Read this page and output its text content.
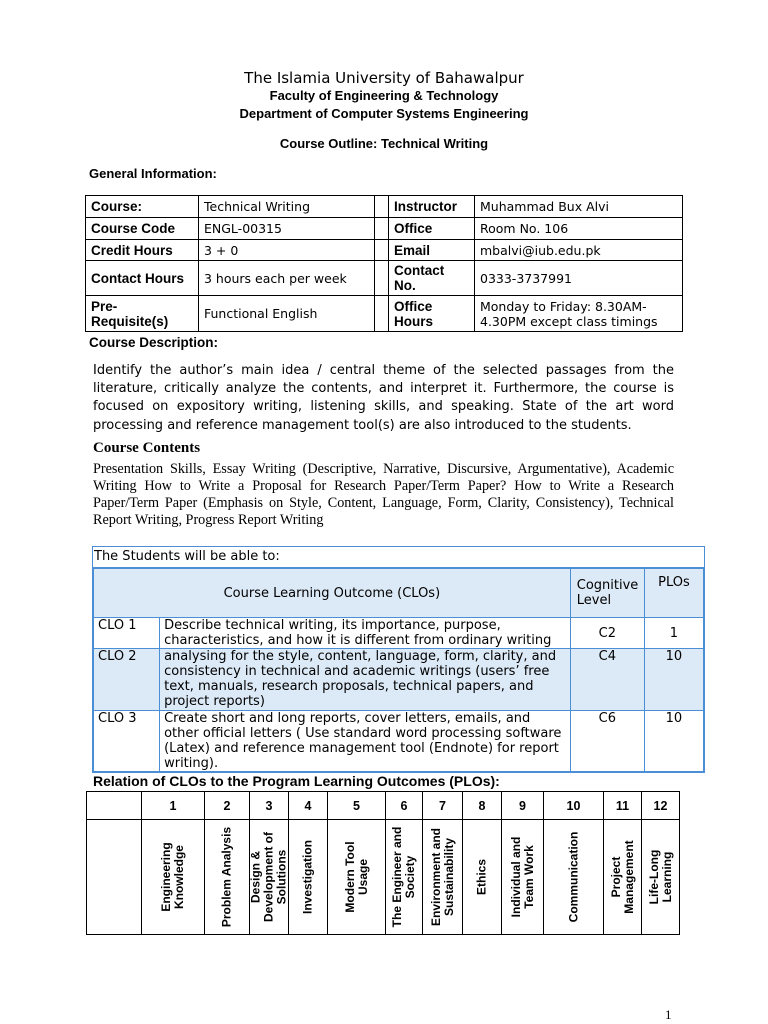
The Islamia University of Bahawalpur
Faculty of Engineering & Technology
Department of Computer Systems Engineering
Course Outline: Technical Writing
General Information:
Course:	Technical Writing		Instructor	Muhammad Bux Alvi
Course Code	ENGL-00315		Office	Room No. 106
Credit Hours	3 + 0		Email	mbalvi@iub.edu.pk
Contact Hours	3 hours each per week		Contact No.	0333-3737991
Pre-Requisite(s)	Functional English		Office Hours	Monday to Friday: 8.30AM-4.30PM except class timings
Course Description:
Identify the author’s main idea / central theme of the selected passages from the literature, critically analyze the contents, and interpret it. Furthermore, the course is focused on expository writing, listening skills, and speaking. State of the art word processing and reference management tool(s) are also introduced to the students.
Course Contents
Presentation Skills, Essay Writing (Descriptive, Narrative, Discursive, Argumentative), Academic Writing How to Write a Proposal for Research Paper/Term Paper? How to Write a Research Paper/Term Paper (Emphasis on Style, Content, Language, Form, Clarity, Consistency), Technical Report Writing, Progress Report Writing
The Students will be able to:
Course Learning Outcome (CLOs)		Cognitive Level	PLOs
CLO 1	Describe technical writing, its importance, purpose, characteristics, and how it is different from ordinary writing	C2	1
CLO 2	analysing for the style, content, language, form, clarity, and consistency in technical and academic writings (users’ free text, manuals, research proposals, technical papers, and project reports)	C4	10
CLO 3	Create short and long reports, cover letters, emails, and other official letters ( Use standard word processing software (Latex) and reference management tool (Endnote) for report writing).	C6	10
Relation of CLOs to the Program Learning Outcomes (PLOs):
	1	2	3	4	5	6	7	8	9	10	11	12

	Engineering Knowledge	Problem Analysis	Design & Development of Solutions	Investigation	Modern Tool Usage	The Engineer and Society	Environment and Sustainability	Ethics	Individual and Team Work	Communication	Project Management	Life-Long Learning
1
